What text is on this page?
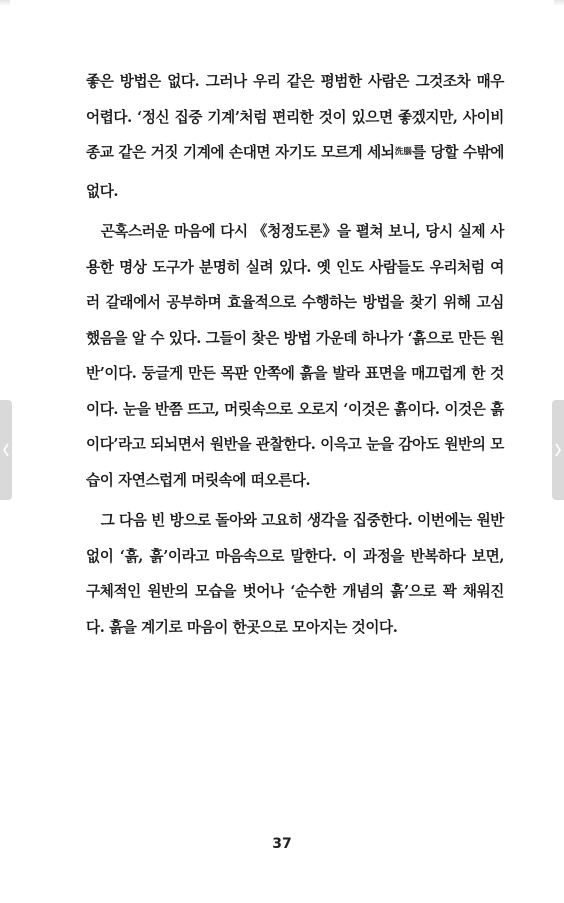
좋은 방법은 없다. 그러나 우리 같은 평범한 사람은 그것조차 매우 어렵다. ‘정신 집중 기계’처럼 편리한 것이 있으면 좋겠지만, 사이비 종교 같은 거짓 기계에 손대면 자기도 모르게 세뇌$^{洗腦}$를 당할 수밖에 없다.

곤혹스러운 마음에 다시 《청정도론》을 펼쳐 보니, 당시 실제 사용한 명상 도구가 분명히 실려 있다. 옛 인도 사람들도 우리처럼 여러 갈래에서 공부하며 효율적으로 수행하는 방법을 찾기 위해 고심했음을 알 수 있다. 그들이 찾은 방법 가운데 하나가 ‘흙으로 만든 원반’이다. 둥글게 만든 목판 안쪽에 흙을 발라 표면을 매끄럽게 한 것이다. 눈을 반쯤 뜨고, 머릿속으로 오로지 ‘이것은 흙이다. 이것은 흙이다’라고 되뇌면서 원반을 관찰한다. 이윽고 눈을 감아도 원반의 모습이 자연스럽게 머릿속에 떠오른다.

그 다음 빈 방으로 돌아와 고요히 생각을 집중한다. 이번에는 원반 없이 ‘흙, 흙’이라고 마음속으로 말한다. 이 과정을 반복하다 보면, 구체적인 원반의 모습을 벗어나 ‘순수한 개념의 흙’으로 꽉 채워진다. 흙을 계기로 마음이 한곳으로 모아지는 것이다.

37
